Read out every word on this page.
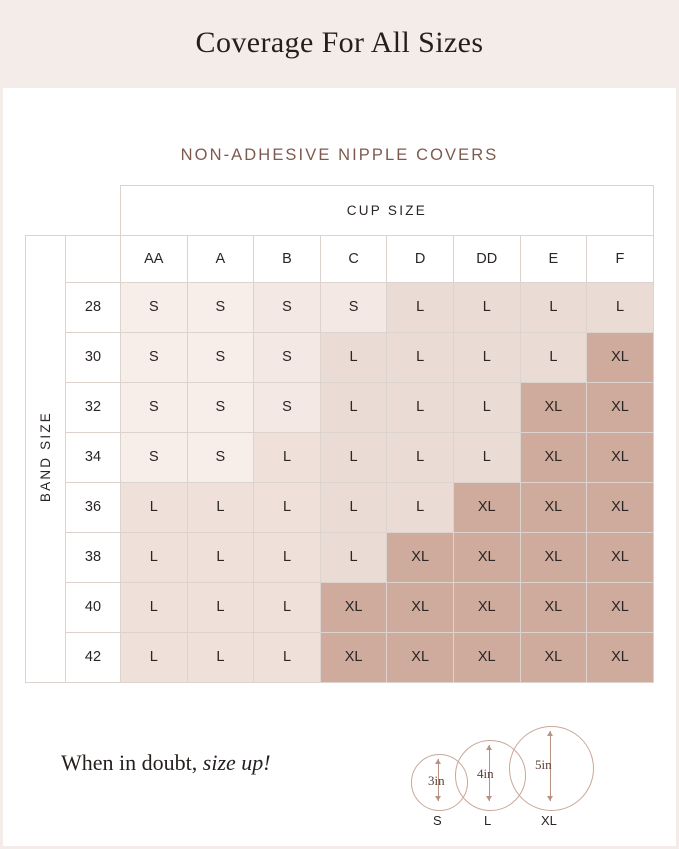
Coverage For All Sizes
NON-ADHESIVE NIPPLE COVERS
		CUP SIZE							
BAND SIZE		AA	A	B	C	D	DD	E	F
	28	S	S	S	S	L	L	L	L
	30	S	S	S	L	L	L	L	XL
	32	S	S	S	L	L	L	XL	XL
	34	S	S	L	L	L	L	XL	XL
	36	L	L	L	L	L	XL	XL	XL
	38	L	L	L	L	XL	XL	XL	XL
	40	L	L	L	XL	XL	XL	XL	XL
	42	L	L	L	XL	XL	XL	XL	XL
When in doubt, size up!
3in 4in
5in
S	L	XL
